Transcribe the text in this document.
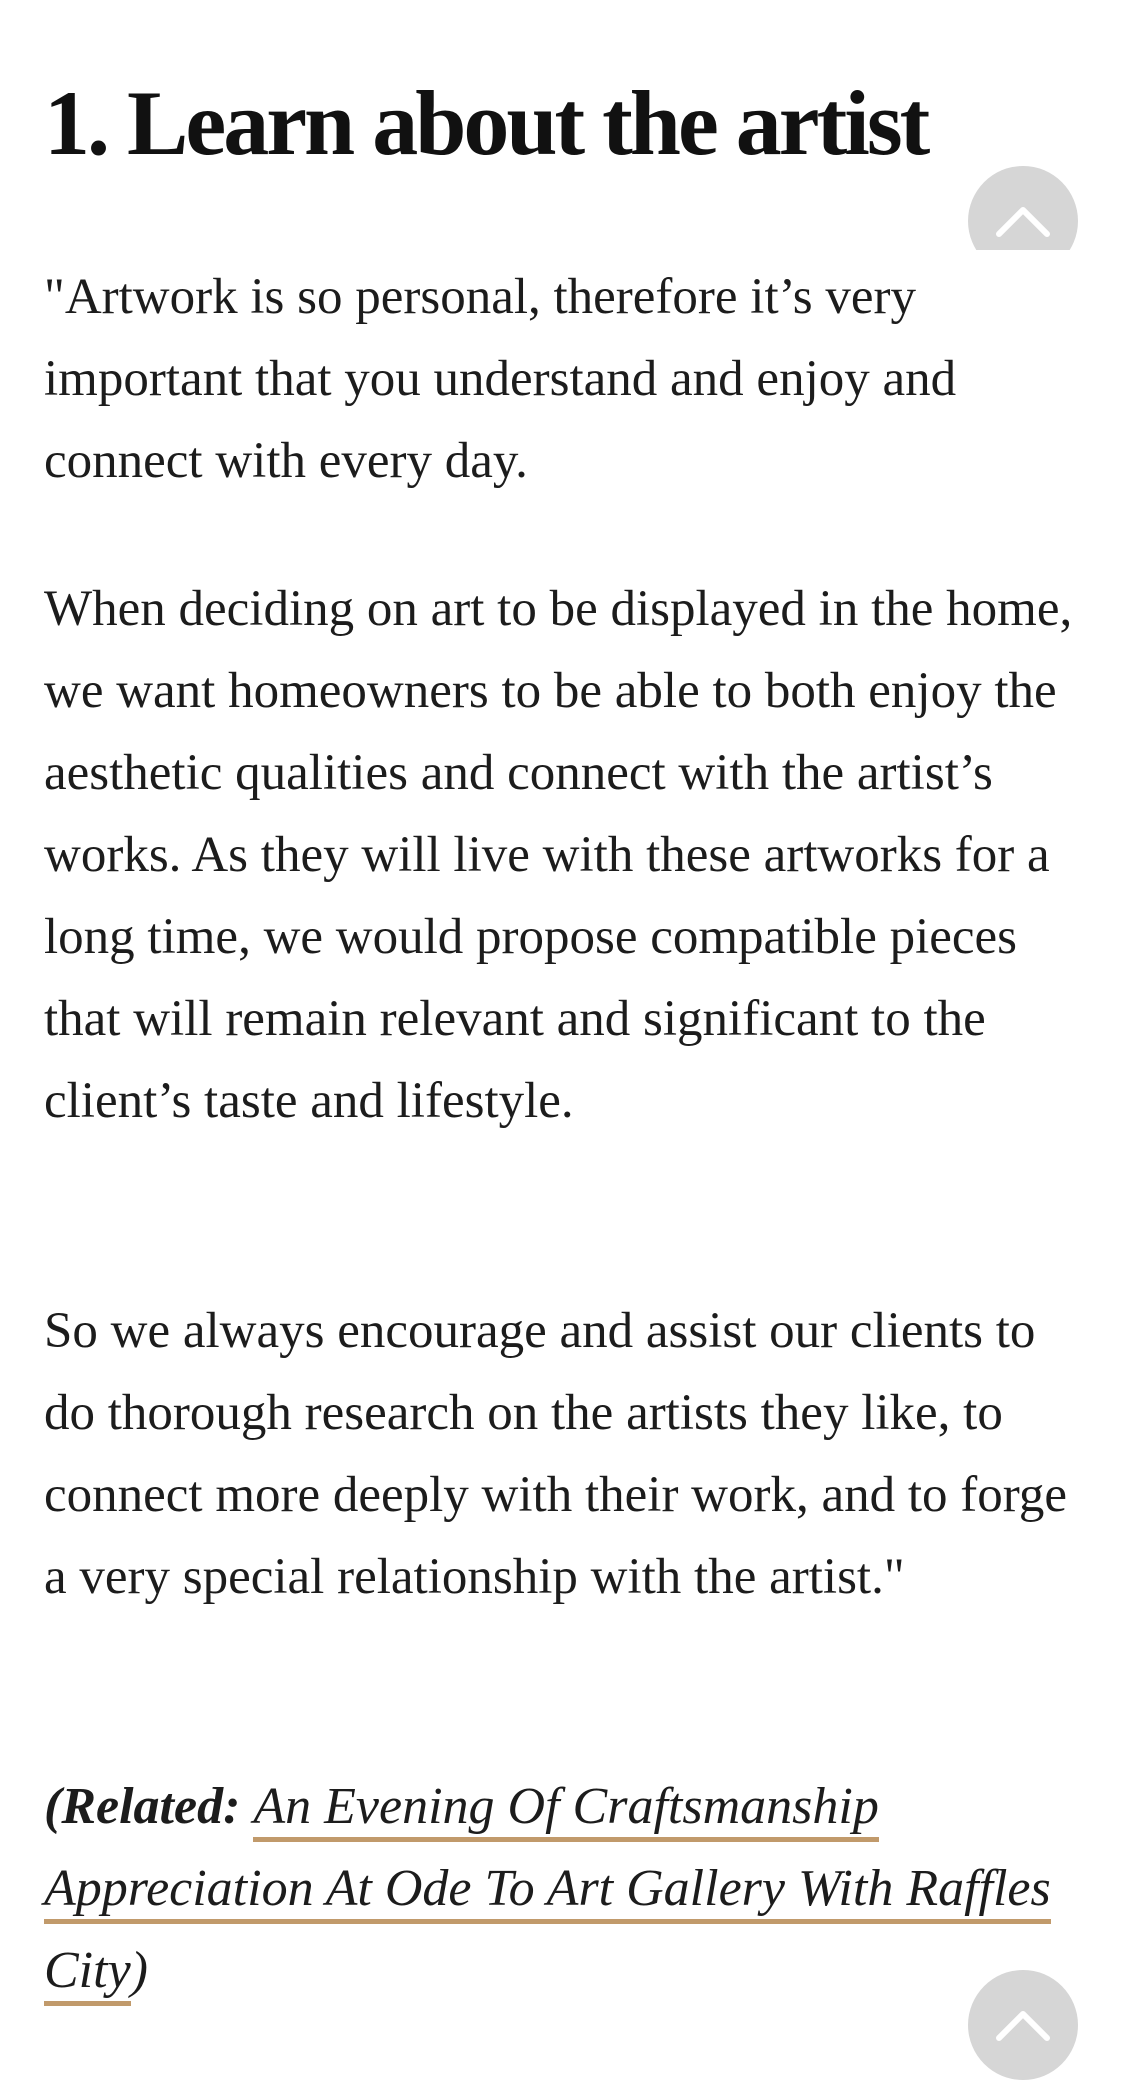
1. Learn about the artist

"Artwork is so personal, therefore it’s very important that you understand and enjoy and connect with every day.

When deciding on art to be displayed in the home, we want homeowners to be able to both enjoy the aesthetic qualities and connect with the artist’s works. As they will live with these artworks for a long time, we would propose compatible pieces that will remain relevant and significant to the client’s taste and lifestyle.

So we always encourage and assist our clients to do thorough research on the artists they like, to connect more deeply with their work, and to forge a very special relationship with the artist."

(Related: An Evening Of Craftsmanship Appreciation At Ode To Art Gallery With Raffles City)
